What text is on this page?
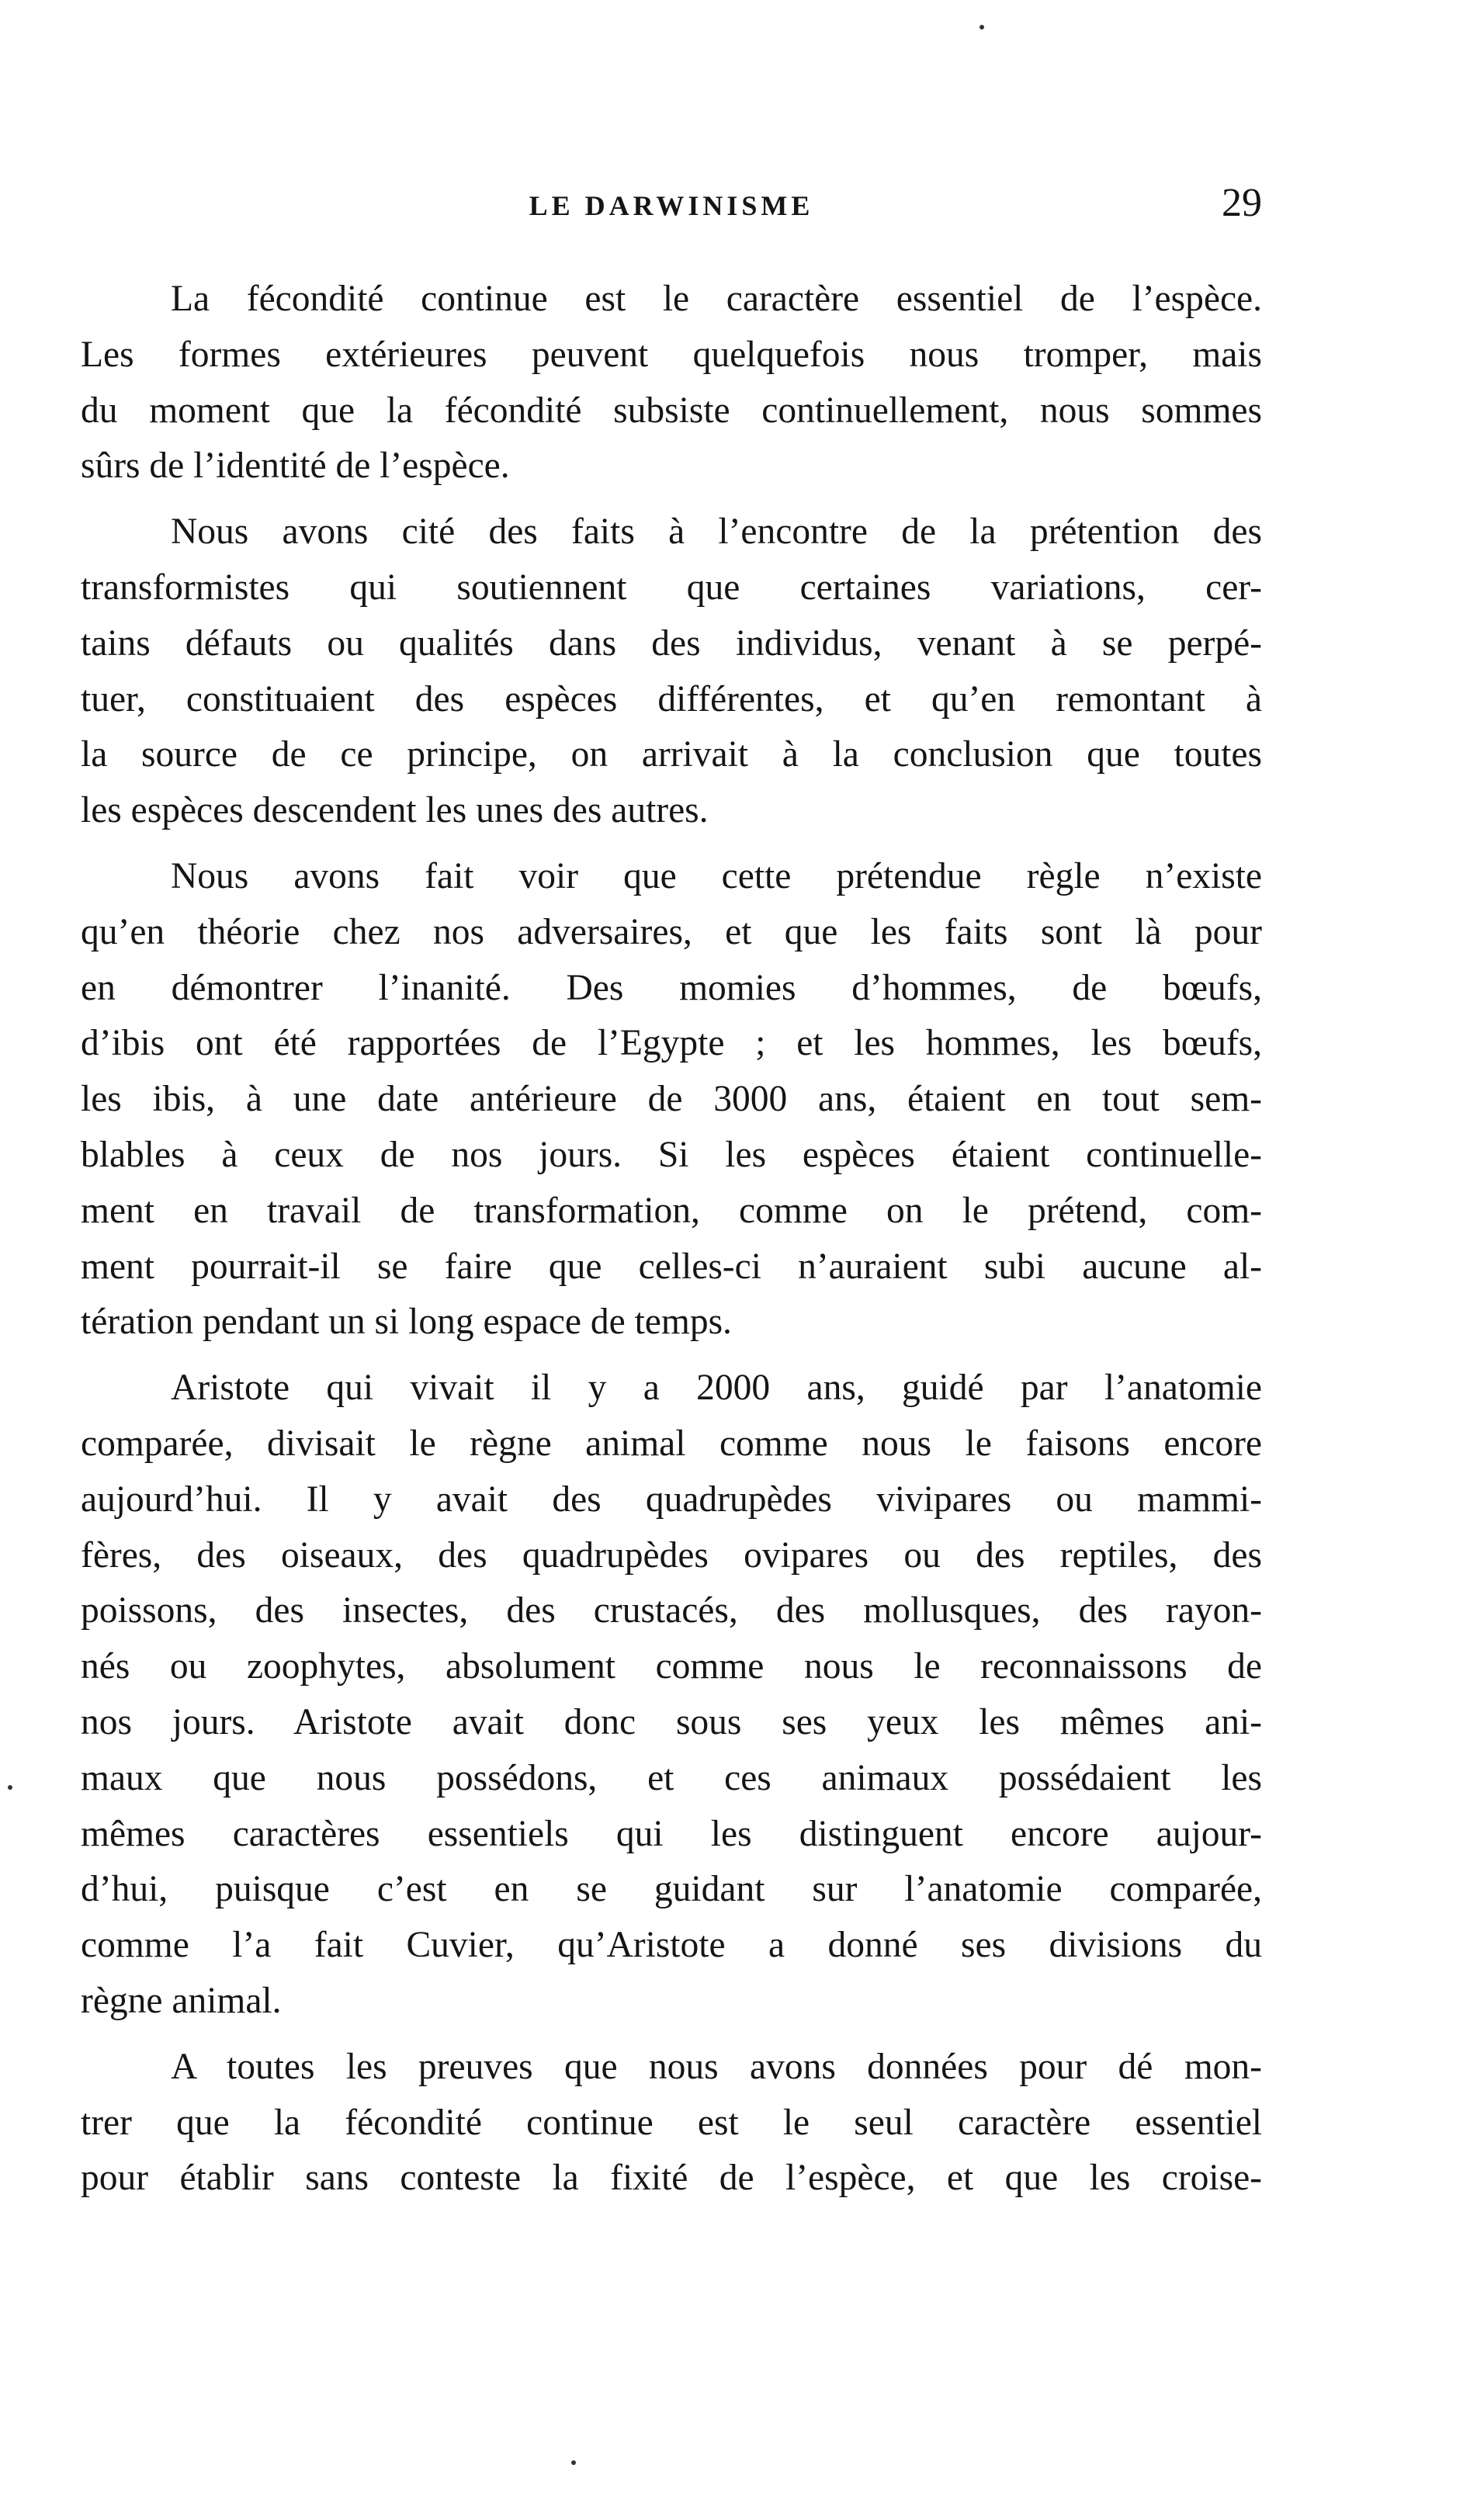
LE DARWINISME	29
La fécondité continue est le caractère essentiel de l’espèce.
Les formes extérieures peuvent quelquefois nous tromper, mais
du moment que la fécondité subsiste continuellement, nous sommes
sûrs de l’identité de l’espèce.
Nous avons cité des faits à l’encontre de la prétention des
transformistes qui soutiennent que certaines variations, cer-
tains défauts ou qualités dans des individus, venant à se perpé-
tuer, constituaient des espèces différentes, et qu’en remontant à
la source de ce principe, on arrivait à la conclusion que toutes
les espèces descendent les unes des autres.
Nous avons fait voir que cette prétendue règle n’existe
qu’en théorie chez nos adversaires, et que les faits sont là pour
en démontrer l’inanité. Des momies d’hommes, de bœufs,
d’ibis ont été rapportées de l’Egypte ; et les hommes, les bœufs,
les ibis, à une date antérieure de 3000 ans, étaient en tout sem-
blables à ceux de nos jours. Si les espèces étaient continuelle-
ment en travail de transformation, comme on le prétend, com-
ment pourrait-il se faire que celles-ci n’auraient subi aucune al-
tération pendant un si long espace de temps.
Aristote qui vivait il y a 2000 ans, guidé par l’anatomie
comparée, divisait le règne animal comme nous le faisons encore
aujourd’hui. Il y avait des quadrupèdes vivipares ou mammi-
fères, des oiseaux, des quadrupèdes ovipares ou des reptiles, des
poissons, des insectes, des crustacés, des mollusques, des rayon-
nés ou zoophytes, absolument comme nous le reconnaissons de
nos jours. Aristote avait donc sous ses yeux les mêmes ani-
maux que nous possédons, et ces animaux possédaient les
mêmes caractères essentiels qui les distinguent encore aujour-
d’hui, puisque c’est en se guidant sur l’anatomie comparée,
comme l’a fait Cuvier, qu’Aristote a donné ses divisions du
règne animal.
A toutes les preuves que nous avons données pour dé mon-
trer que la fécondité continue est le seul caractère essentiel
pour établir sans conteste la fixité de l’espèce, et que les croise-
